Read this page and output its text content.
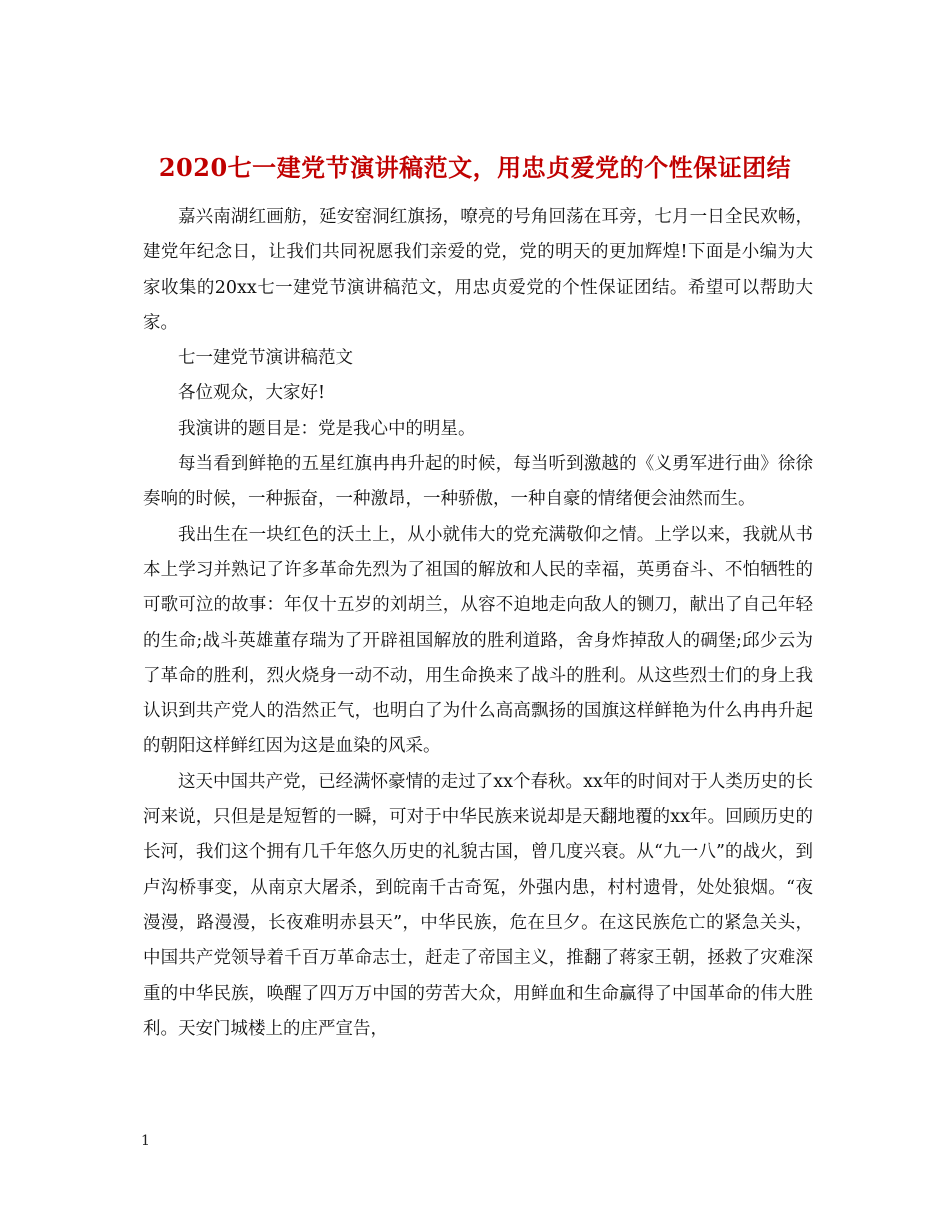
2020七一建党节演讲稿范文，用忠贞爱党的个性保证团结

嘉兴南湖红画舫，延安窑洞红旗扬，嘹亮的号角回荡在耳旁，七月一日全民欢畅，建党年纪念日，让我们共同祝愿我们亲爱的党，党的明天的更加辉煌!下面是小编为大家收集的20xx七一建党节演讲稿范文，用忠贞爱党的个性保证团结。希望可以帮助大家。

七一建党节演讲稿范文

各位观众，大家好!

我演讲的题目是：党是我心中的明星。

每当看到鲜艳的五星红旗冉冉升起的时候，每当听到激越的《义勇军进行曲》徐徐奏响的时候，一种振奋，一种激昂，一种骄傲，一种自豪的情绪便会油然而生。

我出生在一块红色的沃土上，从小就伟大的党充满敬仰之情。上学以来，我就从书本上学习并熟记了许多革命先烈为了祖国的解放和人民的幸福，英勇奋斗、不怕牺牲的可歌可泣的故事：年仅十五岁的刘胡兰，从容不迫地走向敌人的铡刀，献出了自己年轻的生命;战斗英雄董存瑞为了开辟祖国解放的胜利道路，舍身炸掉敌人的碉堡;邱少云为了革命的胜利，烈火烧身一动不动，用生命换来了战斗的胜利。从这些烈士们的身上我认识到共产党人的浩然正气，也明白了为什么高高飘扬的国旗这样鲜艳为什么冉冉升起的朝阳这样鲜红因为这是血染的风采。

这天中国共产党，已经满怀豪情的走过了xx个春秋。xx年的时间对于人类历史的长河来说，只但是是短暂的一瞬，可对于中华民族来说却是天翻地覆的xx年。回顾历史的长河，我们这个拥有几千年悠久历史的礼貌古国，曾几度兴衰。从“九一八”的战火，到卢沟桥事变，从南京大屠杀，到皖南千古奇冤，外强内患，村村遗骨，处处狼烟。“夜漫漫，路漫漫，长夜难明赤县天”，中华民族，危在旦夕。在这民族危亡的紧急关头，中国共产党领导着千百万革命志士，赶走了帝国主义，推翻了蒋家王朝，拯救了灾难深重的中华民族，唤醒了四万万中国的劳苦大众，用鲜血和生命赢得了中国革命的伟大胜利。天安门城楼上的庄严宣告，

1
